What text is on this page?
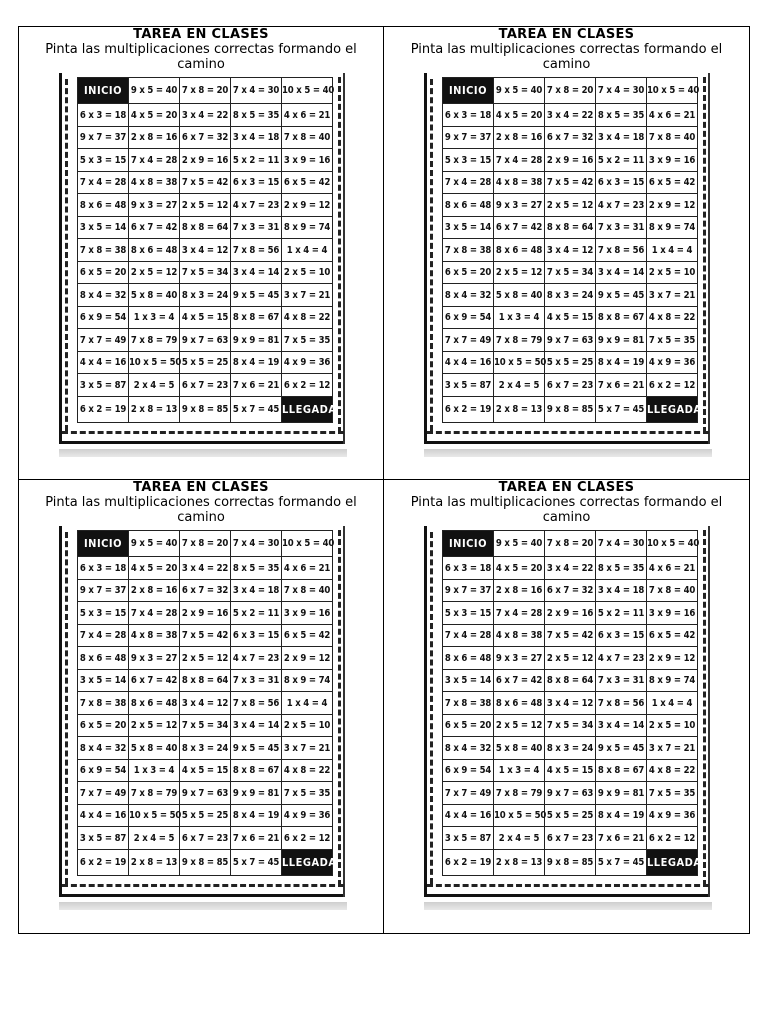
TAREA EN CLASES
Pinta las multiplicaciones correctas formando el camino
INICIO	9 x 5 = 40	7 x 8 = 20	7 x 4 = 30	10 x 5 = 40
6 x 3 = 18	4 x 5 = 20	3 x 4 = 22	8 x 5 = 35	4 x 6 = 21
9 x 7 = 37	2 x 8 = 16	6 x 7 = 32	3 x 4 = 18	7 x 8 = 40
5 x 3 = 15	7 x 4 = 28	2 x 9 = 16	5 x 2 = 11	3 x 9 = 16
7 x 4 = 28	4 x 8 = 38	7 x 5 = 42	6 x 3 = 15	6 x 5 = 42
8 x 6 = 48	9 x 3 = 27	2 x 5 = 12	4 x 7 = 23	2 x 9 = 12
3 x 5 = 14	6 x 7 = 42	8 x 8 = 64	7 x 3 = 31	8 x 9 = 74
7 x 8 = 38	8 x 6 = 48	3 x 4 = 12	7 x 8 = 56	1 x 4 = 4
6 x 5 = 20	2 x 5 = 12	7 x 5 = 34	3 x 4 = 14	2 x 5 = 10
8 x 4 = 32	5 x 8 = 40	8 x 3 = 24	9 x 5 = 45	3 x 7 = 21
6 x 9 = 54	1 x 3 = 4	4 x 5 = 15	8 x 8 = 67	4 x 8 = 22
7 x 7 = 49	7 x 8 = 79	9 x 7 = 63	9 x 9 = 81	7 x 5 = 35
4 x 4 = 16	10 x 5 = 50	5 x 5 = 25	8 x 4 = 19	4 x 9 = 36
3 x 5 = 87	2 x 4 = 5	6 x 7 = 23	7 x 6 = 21	6 x 2 = 12
6 x 2 = 19	2 x 8 = 13	9 x 8 = 85	5 x 7 = 45	LLEGADA
TAREA EN CLASES
Pinta las multiplicaciones correctas formando el camino
INICIO	9 x 5 = 40	7 x 8 = 20	7 x 4 = 30	10 x 5 = 40
6 x 3 = 18	4 x 5 = 20	3 x 4 = 22	8 x 5 = 35	4 x 6 = 21
9 x 7 = 37	2 x 8 = 16	6 x 7 = 32	3 x 4 = 18	7 x 8 = 40
5 x 3 = 15	7 x 4 = 28	2 x 9 = 16	5 x 2 = 11	3 x 9 = 16
7 x 4 = 28	4 x 8 = 38	7 x 5 = 42	6 x 3 = 15	6 x 5 = 42
8 x 6 = 48	9 x 3 = 27	2 x 5 = 12	4 x 7 = 23	2 x 9 = 12
3 x 5 = 14	6 x 7 = 42	8 x 8 = 64	7 x 3 = 31	8 x 9 = 74
7 x 8 = 38	8 x 6 = 48	3 x 4 = 12	7 x 8 = 56	1 x 4 = 4
6 x 5 = 20	2 x 5 = 12	7 x 5 = 34	3 x 4 = 14	2 x 5 = 10
8 x 4 = 32	5 x 8 = 40	8 x 3 = 24	9 x 5 = 45	3 x 7 = 21
6 x 9 = 54	1 x 3 = 4	4 x 5 = 15	8 x 8 = 67	4 x 8 = 22
7 x 7 = 49	7 x 8 = 79	9 x 7 = 63	9 x 9 = 81	7 x 5 = 35
4 x 4 = 16	10 x 5 = 50	5 x 5 = 25	8 x 4 = 19	4 x 9 = 36
3 x 5 = 87	2 x 4 = 5	6 x 7 = 23	7 x 6 = 21	6 x 2 = 12
6 x 2 = 19	2 x 8 = 13	9 x 8 = 85	5 x 7 = 45	LLEGADA
TAREA EN CLASES
Pinta las multiplicaciones correctas formando el camino
INICIO	9 x 5 = 40	7 x 8 = 20	7 x 4 = 30	10 x 5 = 40
6 x 3 = 18	4 x 5 = 20	3 x 4 = 22	8 x 5 = 35	4 x 6 = 21
9 x 7 = 37	2 x 8 = 16	6 x 7 = 32	3 x 4 = 18	7 x 8 = 40
5 x 3 = 15	7 x 4 = 28	2 x 9 = 16	5 x 2 = 11	3 x 9 = 16
7 x 4 = 28	4 x 8 = 38	7 x 5 = 42	6 x 3 = 15	6 x 5 = 42
8 x 6 = 48	9 x 3 = 27	2 x 5 = 12	4 x 7 = 23	2 x 9 = 12
3 x 5 = 14	6 x 7 = 42	8 x 8 = 64	7 x 3 = 31	8 x 9 = 74
7 x 8 = 38	8 x 6 = 48	3 x 4 = 12	7 x 8 = 56	1 x 4 = 4
6 x 5 = 20	2 x 5 = 12	7 x 5 = 34	3 x 4 = 14	2 x 5 = 10
8 x 4 = 32	5 x 8 = 40	8 x 3 = 24	9 x 5 = 45	3 x 7 = 21
6 x 9 = 54	1 x 3 = 4	4 x 5 = 15	8 x 8 = 67	4 x 8 = 22
7 x 7 = 49	7 x 8 = 79	9 x 7 = 63	9 x 9 = 81	7 x 5 = 35
4 x 4 = 16	10 x 5 = 50	5 x 5 = 25	8 x 4 = 19	4 x 9 = 36
3 x 5 = 87	2 x 4 = 5	6 x 7 = 23	7 x 6 = 21	6 x 2 = 12
6 x 2 = 19	2 x 8 = 13	9 x 8 = 85	5 x 7 = 45	LLEGADA
TAREA EN CLASES
Pinta las multiplicaciones correctas formando el camino
INICIO	9 x 5 = 40	7 x 8 = 20	7 x 4 = 30	10 x 5 = 40
6 x 3 = 18	4 x 5 = 20	3 x 4 = 22	8 x 5 = 35	4 x 6 = 21
9 x 7 = 37	2 x 8 = 16	6 x 7 = 32	3 x 4 = 18	7 x 8 = 40
5 x 3 = 15	7 x 4 = 28	2 x 9 = 16	5 x 2 = 11	3 x 9 = 16
7 x 4 = 28	4 x 8 = 38	7 x 5 = 42	6 x 3 = 15	6 x 5 = 42
8 x 6 = 48	9 x 3 = 27	2 x 5 = 12	4 x 7 = 23	2 x 9 = 12
3 x 5 = 14	6 x 7 = 42	8 x 8 = 64	7 x 3 = 31	8 x 9 = 74
7 x 8 = 38	8 x 6 = 48	3 x 4 = 12	7 x 8 = 56	1 x 4 = 4
6 x 5 = 20	2 x 5 = 12	7 x 5 = 34	3 x 4 = 14	2 x 5 = 10
8 x 4 = 32	5 x 8 = 40	8 x 3 = 24	9 x 5 = 45	3 x 7 = 21
6 x 9 = 54	1 x 3 = 4	4 x 5 = 15	8 x 8 = 67	4 x 8 = 22
7 x 7 = 49	7 x 8 = 79	9 x 7 = 63	9 x 9 = 81	7 x 5 = 35
4 x 4 = 16	10 x 5 = 50	5 x 5 = 25	8 x 4 = 19	4 x 9 = 36
3 x 5 = 87	2 x 4 = 5	6 x 7 = 23	7 x 6 = 21	6 x 2 = 12
6 x 2 = 19	2 x 8 = 13	9 x 8 = 85	5 x 7 = 45	LLEGADA
